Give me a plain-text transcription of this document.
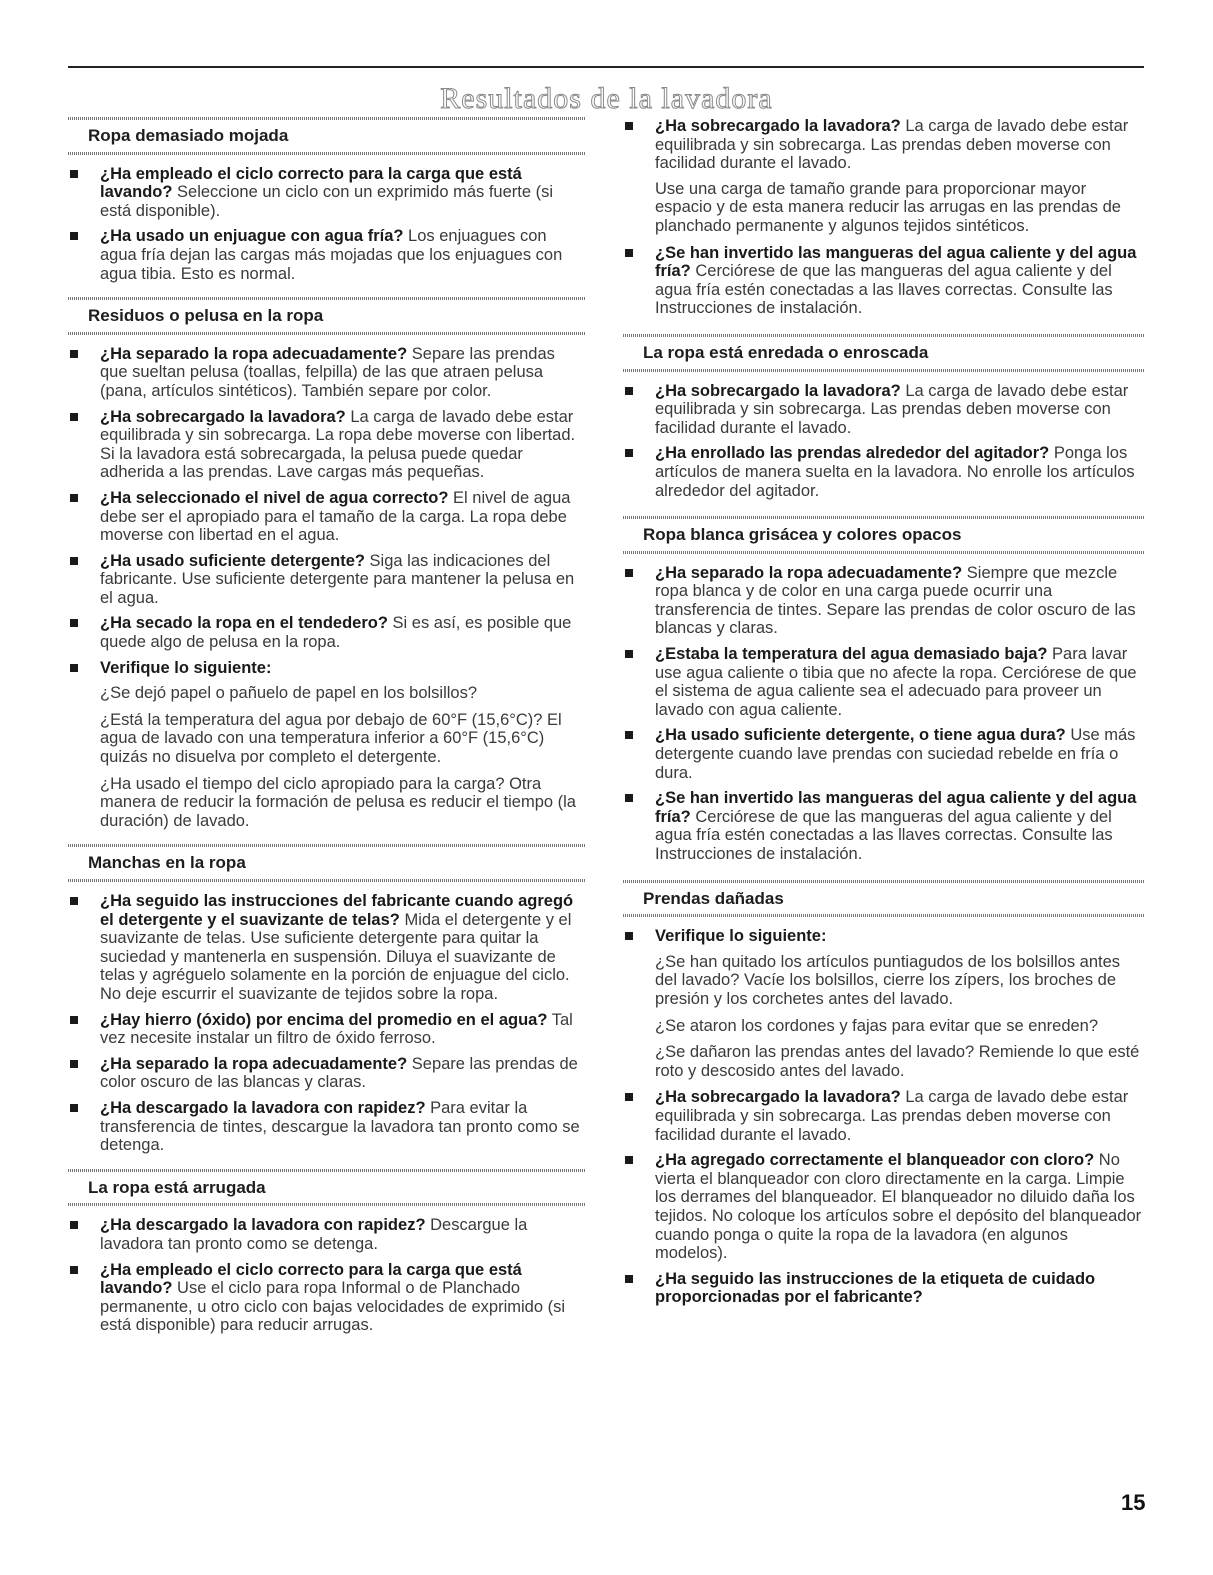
Resultados de la lavadora
Ropa demasiado mojada
¿Ha empleado el ciclo correcto para la carga que está lavando? Seleccione un ciclo con un exprimido más fuerte (si está disponible).
¿Ha usado un enjuague con agua fría? Los enjuagues con agua fría dejan las cargas más mojadas que los enjuagues con agua tibia. Esto es normal.
Residuos o pelusa en la ropa
¿Ha separado la ropa adecuadamente? Separe las prendas que sueltan pelusa (toallas, felpilla) de las que atraen pelusa (pana, artículos sintéticos). También separe por color.
¿Ha sobrecargado la lavadora? La carga de lavado debe estar equilibrada y sin sobrecarga. La ropa debe moverse con libertad. Si la lavadora está sobrecargada, la pelusa puede quedar adherida a las prendas. Lave cargas más pequeñas.
¿Ha seleccionado el nivel de agua correcto? El nivel de agua debe ser el apropiado para el tamaño de la carga. La ropa debe moverse con libertad en el agua.
¿Ha usado suficiente detergente? Siga las indicaciones del fabricante. Use suficiente detergente para mantener la pelusa en el agua.
¿Ha secado la ropa en el tendedero? Si es así, es posible que quede algo de pelusa en la ropa.
Verifique lo siguiente:
¿Se dejó papel o pañuelo de papel en los bolsillos?
¿Está la temperatura del agua por debajo de 60°F (15,6°C)? El agua de lavado con una temperatura inferior a 60°F (15,6°C) quizás no disuelva por completo el detergente.
¿Ha usado el tiempo del ciclo apropiado para la carga? Otra manera de reducir la formación de pelusa es reducir el tiempo (la duración) de lavado.
Manchas en la ropa
¿Ha seguido las instrucciones del fabricante cuando agregó el detergente y el suavizante de telas? Mida el detergente y el suavizante de telas. Use suficiente detergente para quitar la suciedad y mantenerla en suspensión. Diluya el suavizante de telas y agréguelo solamente en la porción de enjuague del ciclo. No deje escurrir el suavizante de tejidos sobre la ropa.
¿Hay hierro (óxido) por encima del promedio en el agua? Tal vez necesite instalar un filtro de óxido ferroso.
¿Ha separado la ropa adecuadamente? Separe las prendas de color oscuro de las blancas y claras.
¿Ha descargado la lavadora con rapidez? Para evitar la transferencia de tintes, descargue la lavadora tan pronto como se detenga.
La ropa está arrugada
¿Ha descargado la lavadora con rapidez? Descargue la lavadora tan pronto como se detenga.
¿Ha empleado el ciclo correcto para la carga que está lavando? Use el ciclo para ropa Informal o de Planchado permanente, u otro ciclo con bajas velocidades de exprimido (si está disponible) para reducir arrugas.
¿Ha sobrecargado la lavadora? La carga de lavado debe estar equilibrada y sin sobrecarga. Las prendas deben moverse con facilidad durante el lavado.
Use una carga de tamaño grande para proporcionar mayor espacio y de esta manera reducir las arrugas en las prendas de planchado permanente y algunos tejidos sintéticos.
¿Se han invertido las mangueras del agua caliente y del agua fría? Cerciórese de que las mangueras del agua caliente y del agua fría estén conectadas a las llaves correctas. Consulte las Instrucciones de instalación.
La ropa está enredada o enroscada
¿Ha sobrecargado la lavadora? La carga de lavado debe estar equilibrada y sin sobrecarga. Las prendas deben moverse con facilidad durante el lavado.
¿Ha enrollado las prendas alrededor del agitador? Ponga los artículos de manera suelta en la lavadora. No enrolle los artículos alrededor del agitador.
Ropa blanca grisácea y colores opacos
¿Ha separado la ropa adecuadamente? Siempre que mezcle ropa blanca y de color en una carga puede ocurrir una transferencia de tintes. Separe las prendas de color oscuro de las blancas y claras.
¿Estaba la temperatura del agua demasiado baja? Para lavar use agua caliente o tibia que no afecte la ropa. Cerciórese de que el sistema de agua caliente sea el adecuado para proveer un lavado con agua caliente.
¿Ha usado suficiente detergente, o tiene agua dura? Use más detergente cuando lave prendas con suciedad rebelde en fría o dura.
¿Se han invertido las mangueras del agua caliente y del agua fría? Cerciórese de que las mangueras del agua caliente y del agua fría estén conectadas a las llaves correctas. Consulte las Instrucciones de instalación.
Prendas dañadas
Verifique lo siguiente:
¿Se han quitado los artículos puntiagudos de los bolsillos antes del lavado? Vacíe los bolsillos, cierre los zípers, los broches de presión y los corchetes antes del lavado.
¿Se ataron los cordones y fajas para evitar que se enreden?
¿Se dañaron las prendas antes del lavado? Remiende lo que esté roto y descosido antes del lavado.
¿Ha sobrecargado la lavadora? La carga de lavado debe estar equilibrada y sin sobrecarga. Las prendas deben moverse con facilidad durante el lavado.
¿Ha agregado correctamente el blanqueador con cloro? No vierta el blanqueador con cloro directamente en la carga. Limpie los derrames del blanqueador. El blanqueador no diluido daña los tejidos. No coloque los artículos sobre el depósito del blanqueador cuando ponga o quite la ropa de la lavadora (en algunos modelos).
¿Ha seguido las instrucciones de la etiqueta de cuidado proporcionadas por el fabricante?
15
